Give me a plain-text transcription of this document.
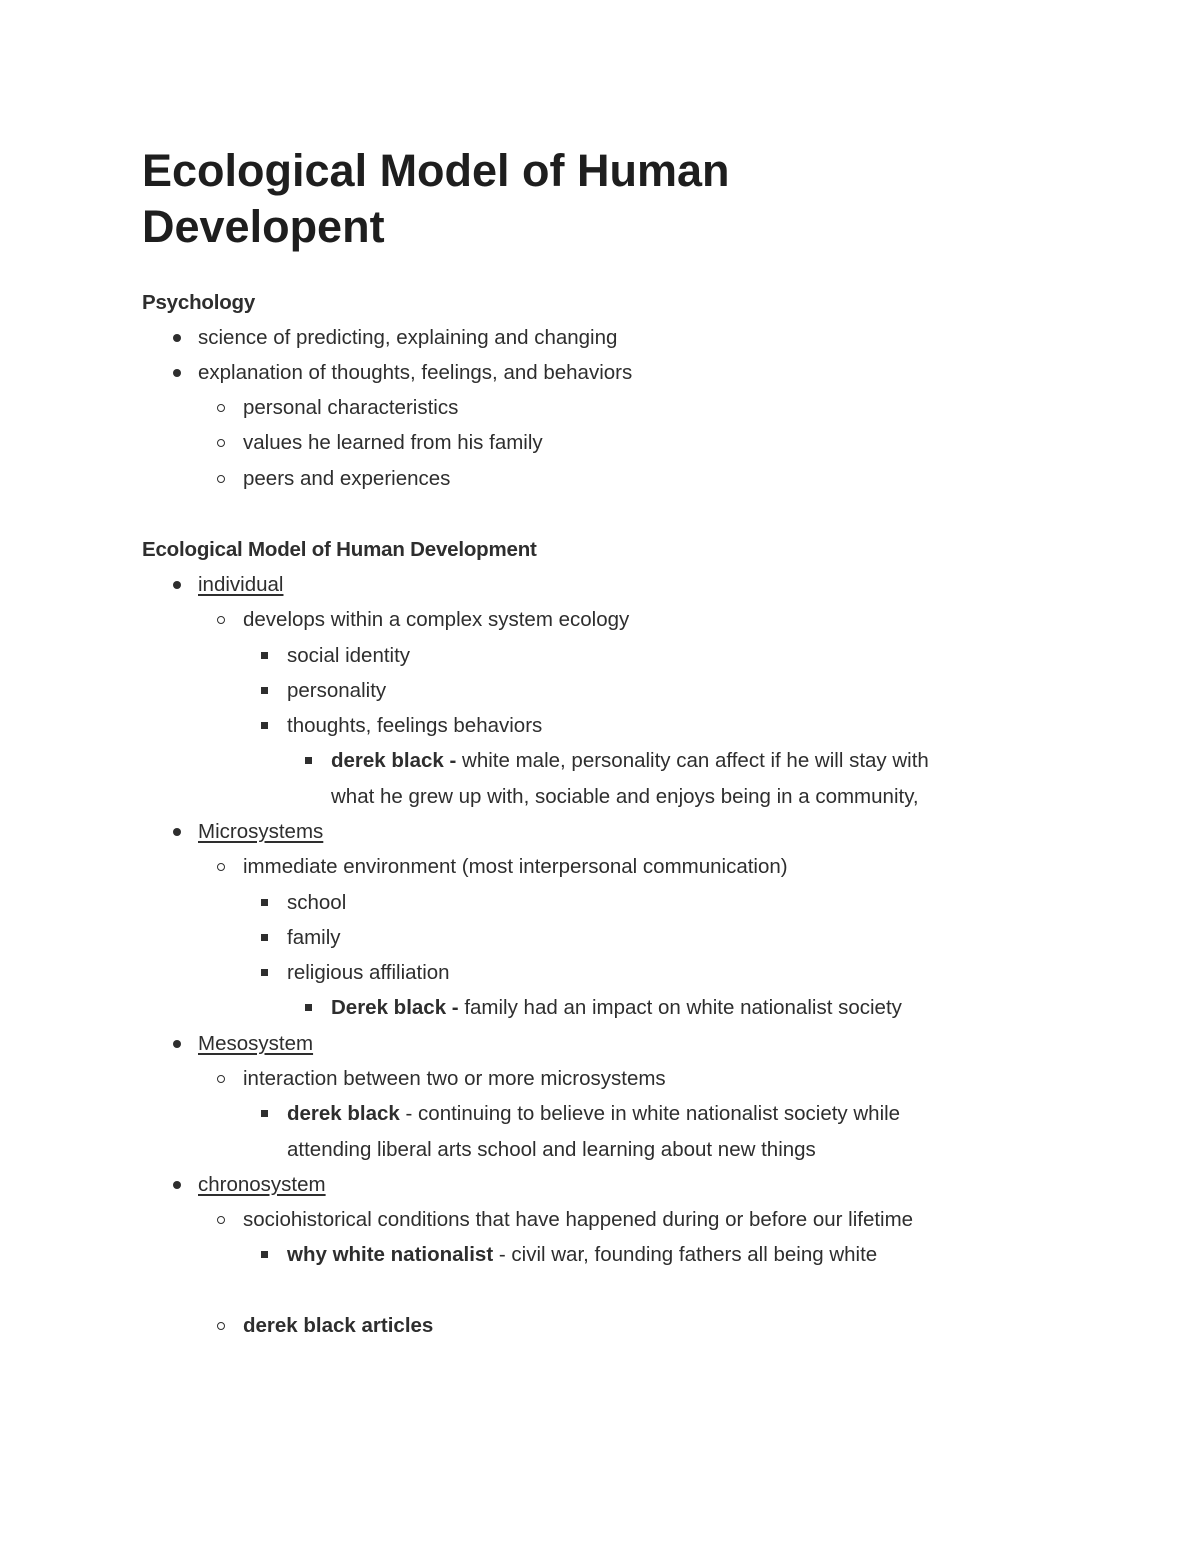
Ecological Model of Human Developent
Psychology
science of predicting, explaining and changing
explanation of thoughts, feelings, and behaviors
personal characteristics
values he learned from his family
peers and experiences
Ecological Model of Human Development
individual
develops within a complex system ecology
social identity
personality
thoughts, feelings behaviors
derek black - white male, personality can affect if he will stay with
what he grew up with, sociable and enjoys being in a community,
Microsystems
immediate environment (most interpersonal communication)
school
family
religious affiliation
Derek black - family had an impact on white nationalist society
Mesosystem
interaction between two or more microsystems
derek black - continuing to believe in white nationalist society while
attending liberal arts school and learning about new things
chronosystem
sociohistorical conditions that have happened during or before our lifetime
why white nationalist - civil war, founding fathers all being white
derek black articles
